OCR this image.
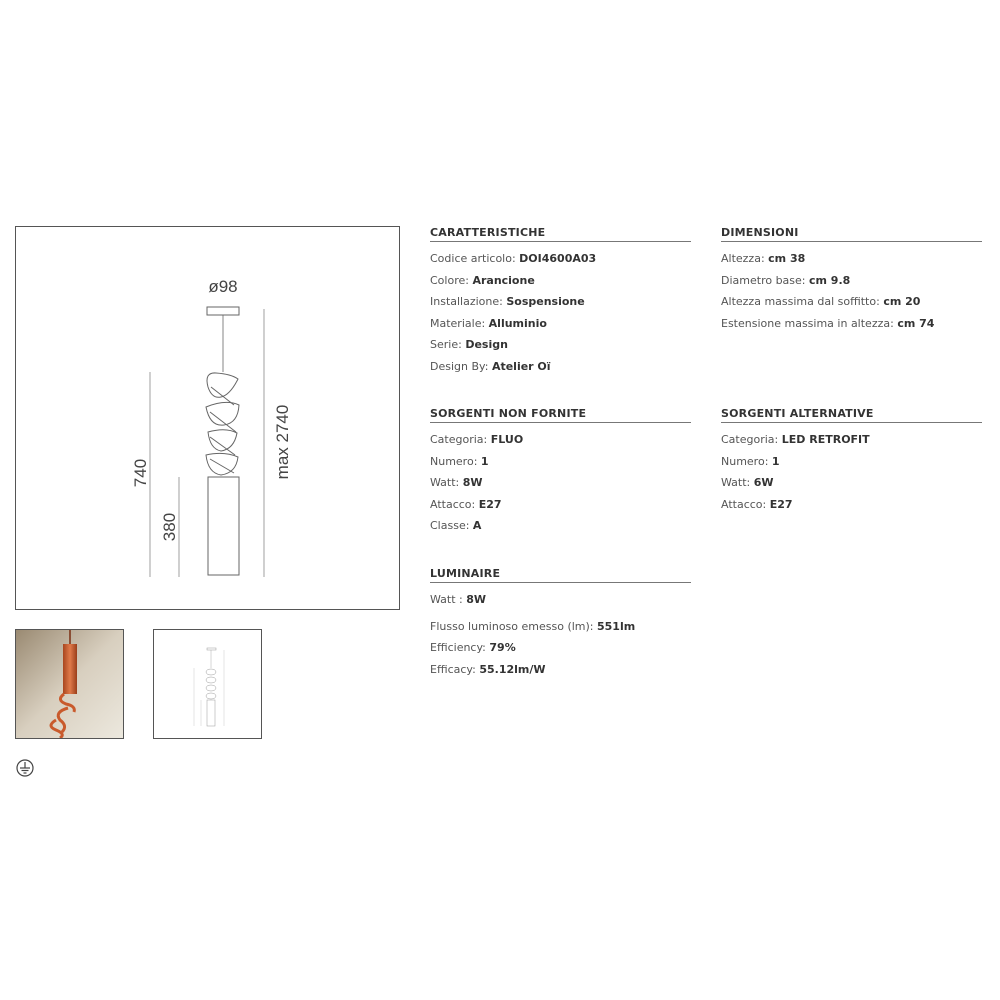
ø98
740
380
max 2740
CARATTERISTICHE
Codice articolo: DOI4600A03
Colore: Arancione
Installazione: Sospensione
Materiale: Alluminio
Serie: Design
Design By: Atelier Oï
DIMENSIONI
Altezza: cm 38
Diametro base: cm 9.8
Altezza massima dal soffitto: cm 20
Estensione massima in altezza: cm 74
SORGENTI NON FORNITE
Categoria: FLUO
Numero: 1
Watt: 8W
Attacco: E27
Classe: A
SORGENTI ALTERNATIVE
Categoria: LED RETROFIT
Numero: 1
Watt: 6W
Attacco: E27
LUMINAIRE
Watt : 8W
Flusso luminoso emesso (lm): 551lm
Efficiency: 79%
Efficacy: 55.12lm/W
